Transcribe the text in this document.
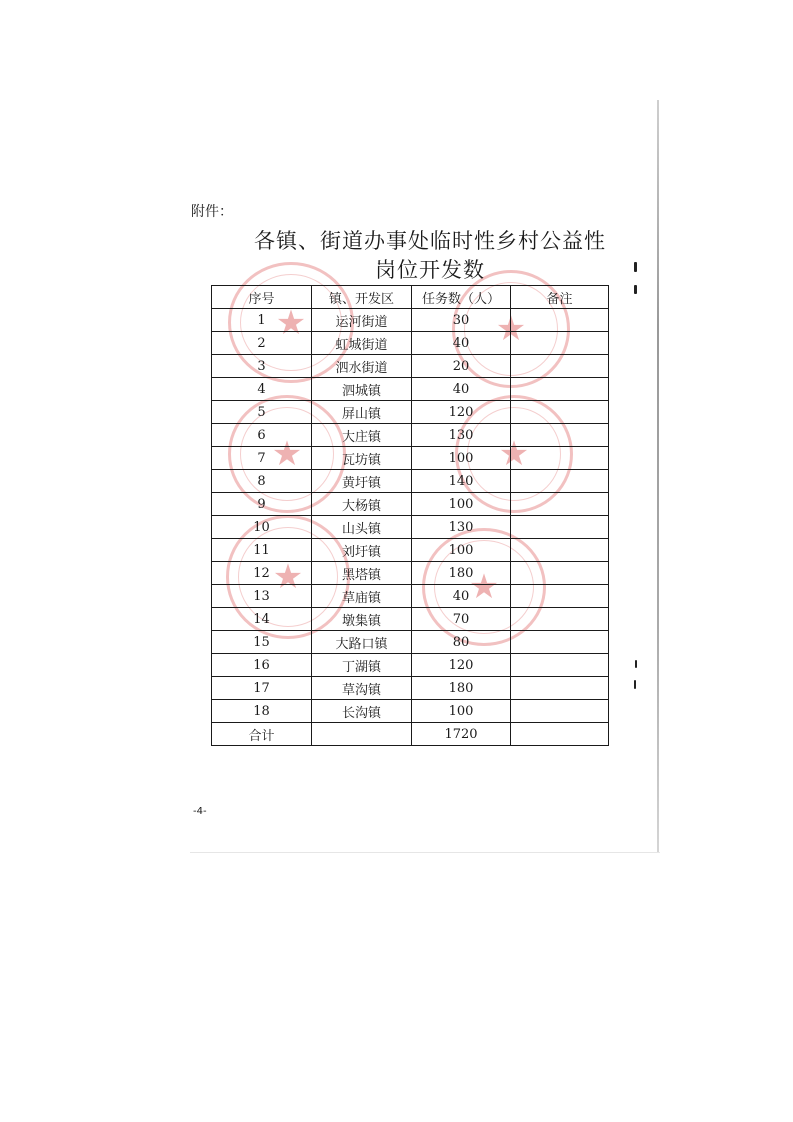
★	★
★	★
★	★
附件：
各镇、街道办事处临时性乡村公益性
岗位开发数
序号	镇、开发区	任务数（人）	备注
1	运河街道	30	
2	虹城街道	40	
3	泗水街道	20	
4	泗城镇	40	
5	屏山镇	120	
6	大庄镇	130	
7	瓦坊镇	100	
8	黄圩镇	140	
9	大杨镇	100	
10	山头镇	130	
11	刘圩镇	100	
12	黑塔镇	180	
13	草庙镇	40	
14	墩集镇	70	
15	大路口镇	80	
16	丁湖镇	120	
17	草沟镇	180	
18	长沟镇	100	
合计		1720	
-4-
